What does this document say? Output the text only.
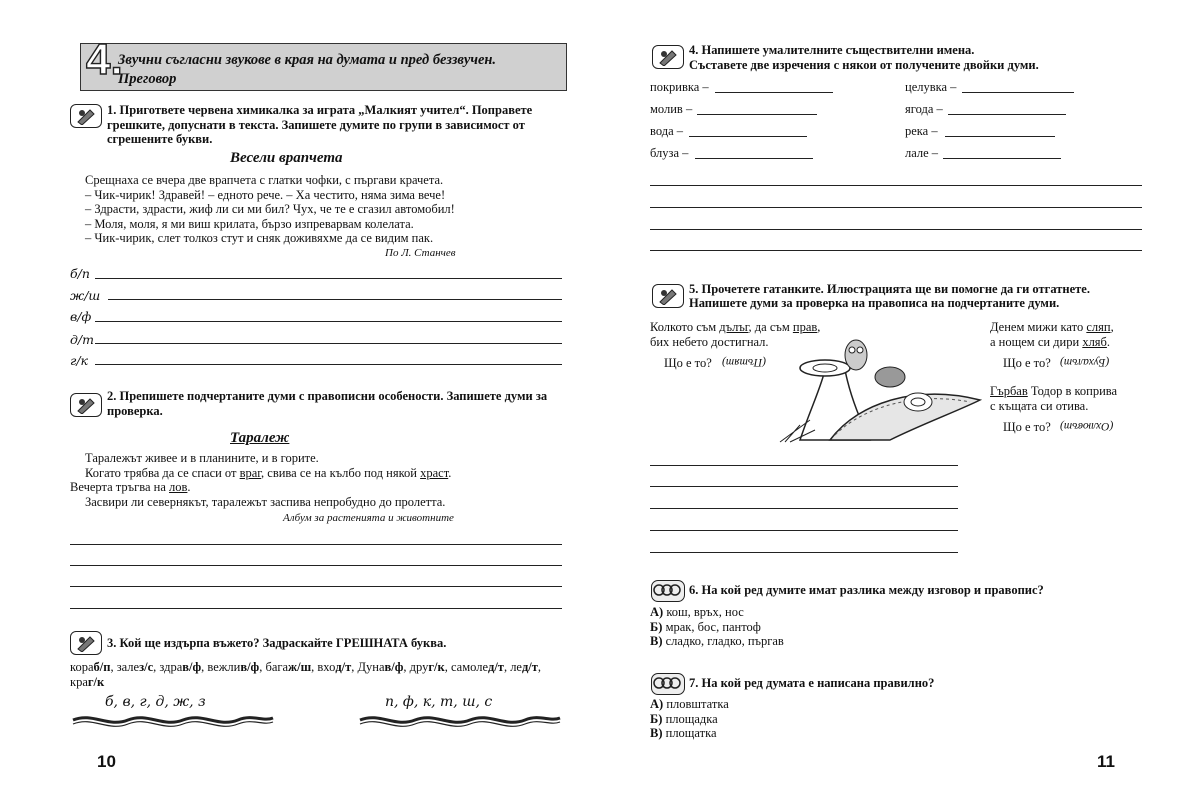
4.
Звучни съгласни звукове в края на думата и пред беззвучен. Преговор
1. Пригответе червена химикалка за играта „Малкият учител“. Поправете грешките, допуснати в текста. Запишете думите по групи в зависимост от сгрешените букви.
Весели врапчета
Срещнаха се вчера две врапчета с глатки чофки, с пъргави крачета.
– Чик-чирик! Здравей! – едното рече. – Ха честито, няма зима вече!
– Здрасти, здрасти, жиф ли си ми бил? Чух, че те е сгазил автомобил!
– Моля, моля, я ми виш крилата, бързо изпреварвам колелата.
– Чик-чирик, слет толкоз стут и сняк доживяхме да се видим пак.
По Л. Станчев
б/п
ж/ш
в/ф
д/т
г/к
2. Препишете подчертаните думи с правописни особености. Запишете думи за проверка.
Таралеж
Таралежът живее и в планините, и в горите.
Когато трябва да се спаси от враг, свива се на кълбо под някой храст.
Вечерта тръгва на лов.
Засвири ли севернякът, таралежът заспива непробудно до пролетта.
Албум за растенията и животните
3. Кой ще издърпа въжето? Задраскайте ГРЕШНАТА буква.
кораб/п, залез/с, здрав/ф, вежлив/ф, багаж/ш, вход/т, Дунав/ф, друг/к, самолед/т, лед/т, краг/к
б, в, г, д, ж, з	п, ф, к, т, ш, с
10
4. Напишете умалителните съществителни имена.
Съставете две изречения с някои от получените двойки думи.
покривка –
молив –
вода –
блуза –
целувка –
ягода –
река –
лале –
5. Прочетете гатанките. Илюстрацията ще ви помогне да ги отгатнете.
Напишете думи за проверка на правописа на подчертаните думи.
Колкото съм дълъг, да съм прав,
бих небето достигнал.
Що е то? (Пътят)
Денем мижи като сляп,
а нощем си дири хляб.
Що е то? (Бухалът)
Гърбав Тодор в коприва
с къщата си отива.
Що е то? (Охлювът)
6. На кой ред думите имат разлика между изговор и правопис?
А) кош, връх, нос
Б) мрак, бос, пантоф
В) сладко, гладко, пъргав
7. На кой ред думата е написана правилно?
А) пловштатка
Б) площадка
В) площатка
11
